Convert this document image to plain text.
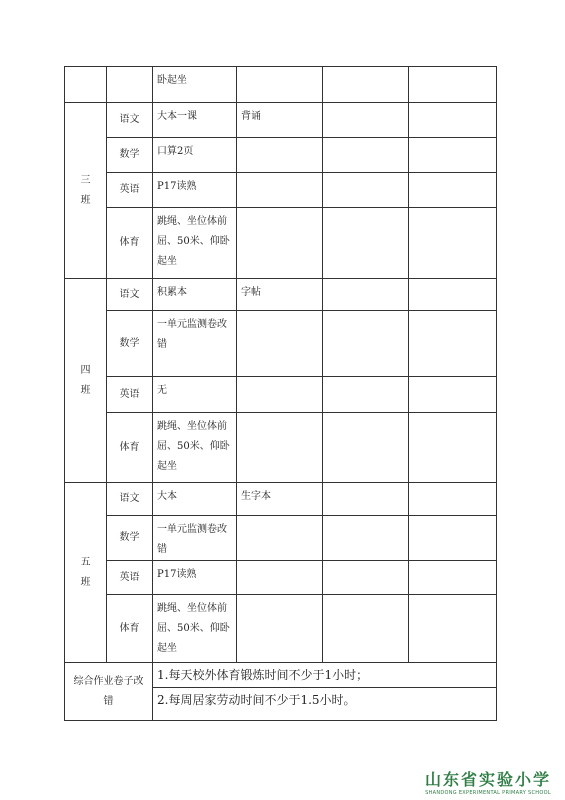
		卧起坐			

三
班	语文	大本一课	背诵		
	数学	口算2页			
	英语	P17读熟			
	体育	跳绳、坐位体前屈、50米、仰卧起坐			

四
班	语文	积累本	字帖		
	数学	一单元监测卷改错			
	英语	无			
	体育	跳绳、坐位体前屈、50米、仰卧起坐			

五
班	语文	大本	生字本		
	数学	一单元监测卷改错			
	英语	P17读熟			
	体育	跳绳、坐位体前屈、50米、仰卧起坐			
综合作业卷子改错		1.每天校外体育锻炼时间不少于1小时；
2.每周居家劳动时间不少于1.5小时。			
山东省实验小学
SHANDONG EXPERIMENTAL PRIMARY SCHOOL
